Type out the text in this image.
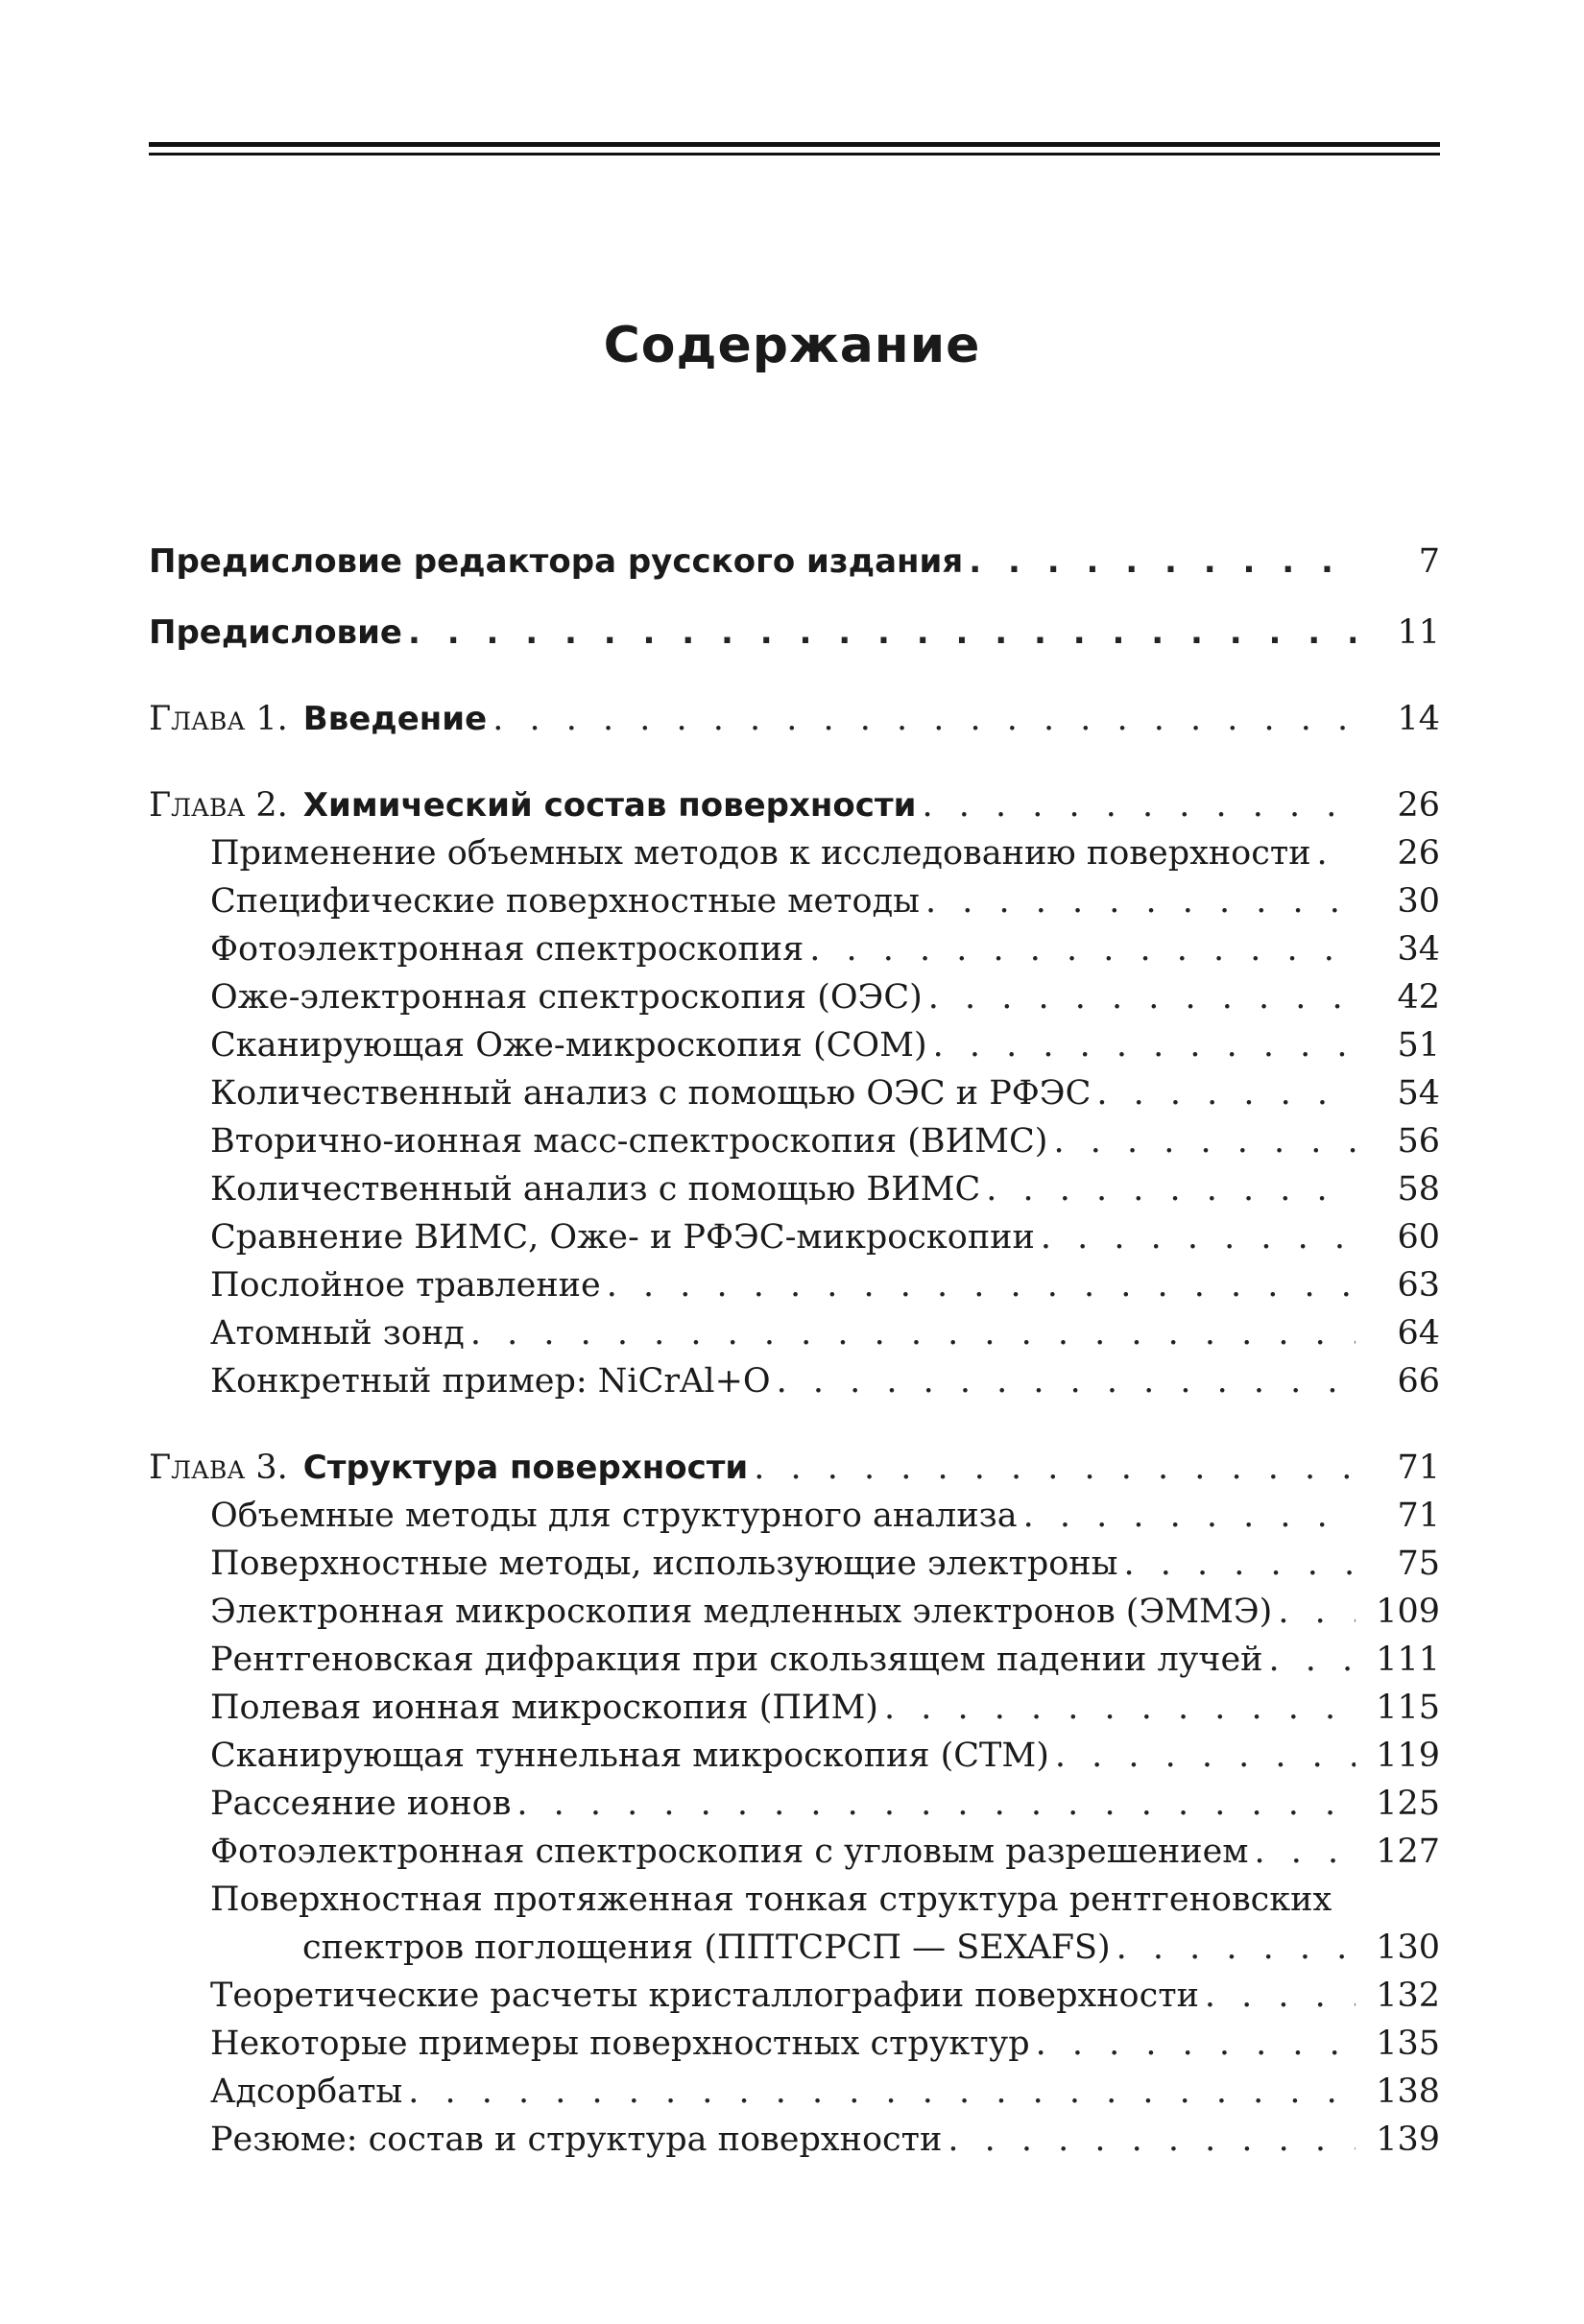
Содержание
Предисловие редактора русского издания . . .	7
Предисловие . . .	11
Глава 1. Введение . . .	14
Глава 2. Химический состав поверхности . . .	26
Применение объемных методов к исследованию поверхности . . .	26
Специфические поверхностные методы . . .	30
Фотоэлектронная спектроскопия . . .	34
Оже-электронная спектроскопия (ОЭС) . . .	42
Сканирующая Оже-микроскопия (СОМ) . . .	51
Количественный анализ с помощью ОЭС и РФЭС . . .	54
Вторично-ионная масс-спектроскопия (ВИМС) . . .	56
Количественный анализ с помощью ВИМС . . .	58
Сравнение ВИМС, Оже- и РФЭС-микроскопии . . .	60
Послойное травление . . .	63
Атомный зонд . . .	64
Конкретный пример: NiCrAl+O . . .	66
Глава 3. Структура поверхности . . .	71
Объемные методы для структурного анализа . . .	71
Поверхностные методы, использующие электроны . . .	75
Электронная микроскопия медленных электронов (ЭММЭ) . . .	109
Рентгеновская дифракция при скользящем падении лучей . . .	111
Полевая ионная микроскопия (ПИМ) . . .	115
Сканирующая туннельная микроскопия (СТМ) . . .	119
Рассеяние ионов . . .	125
Фотоэлектронная спектроскопия с угловым разрешением . . .	127
Поверхностная протяженная тонкая структура рентгеновских
спектров поглощения (ППТСРСП — SEXAFS) . . .	130
Теоретические расчеты кристаллографии поверхности . . .	132
Некоторые примеры поверхностных структур . . .	135
Адсорбаты . . .	138
Резюме: состав и структура поверхности . . .	139
